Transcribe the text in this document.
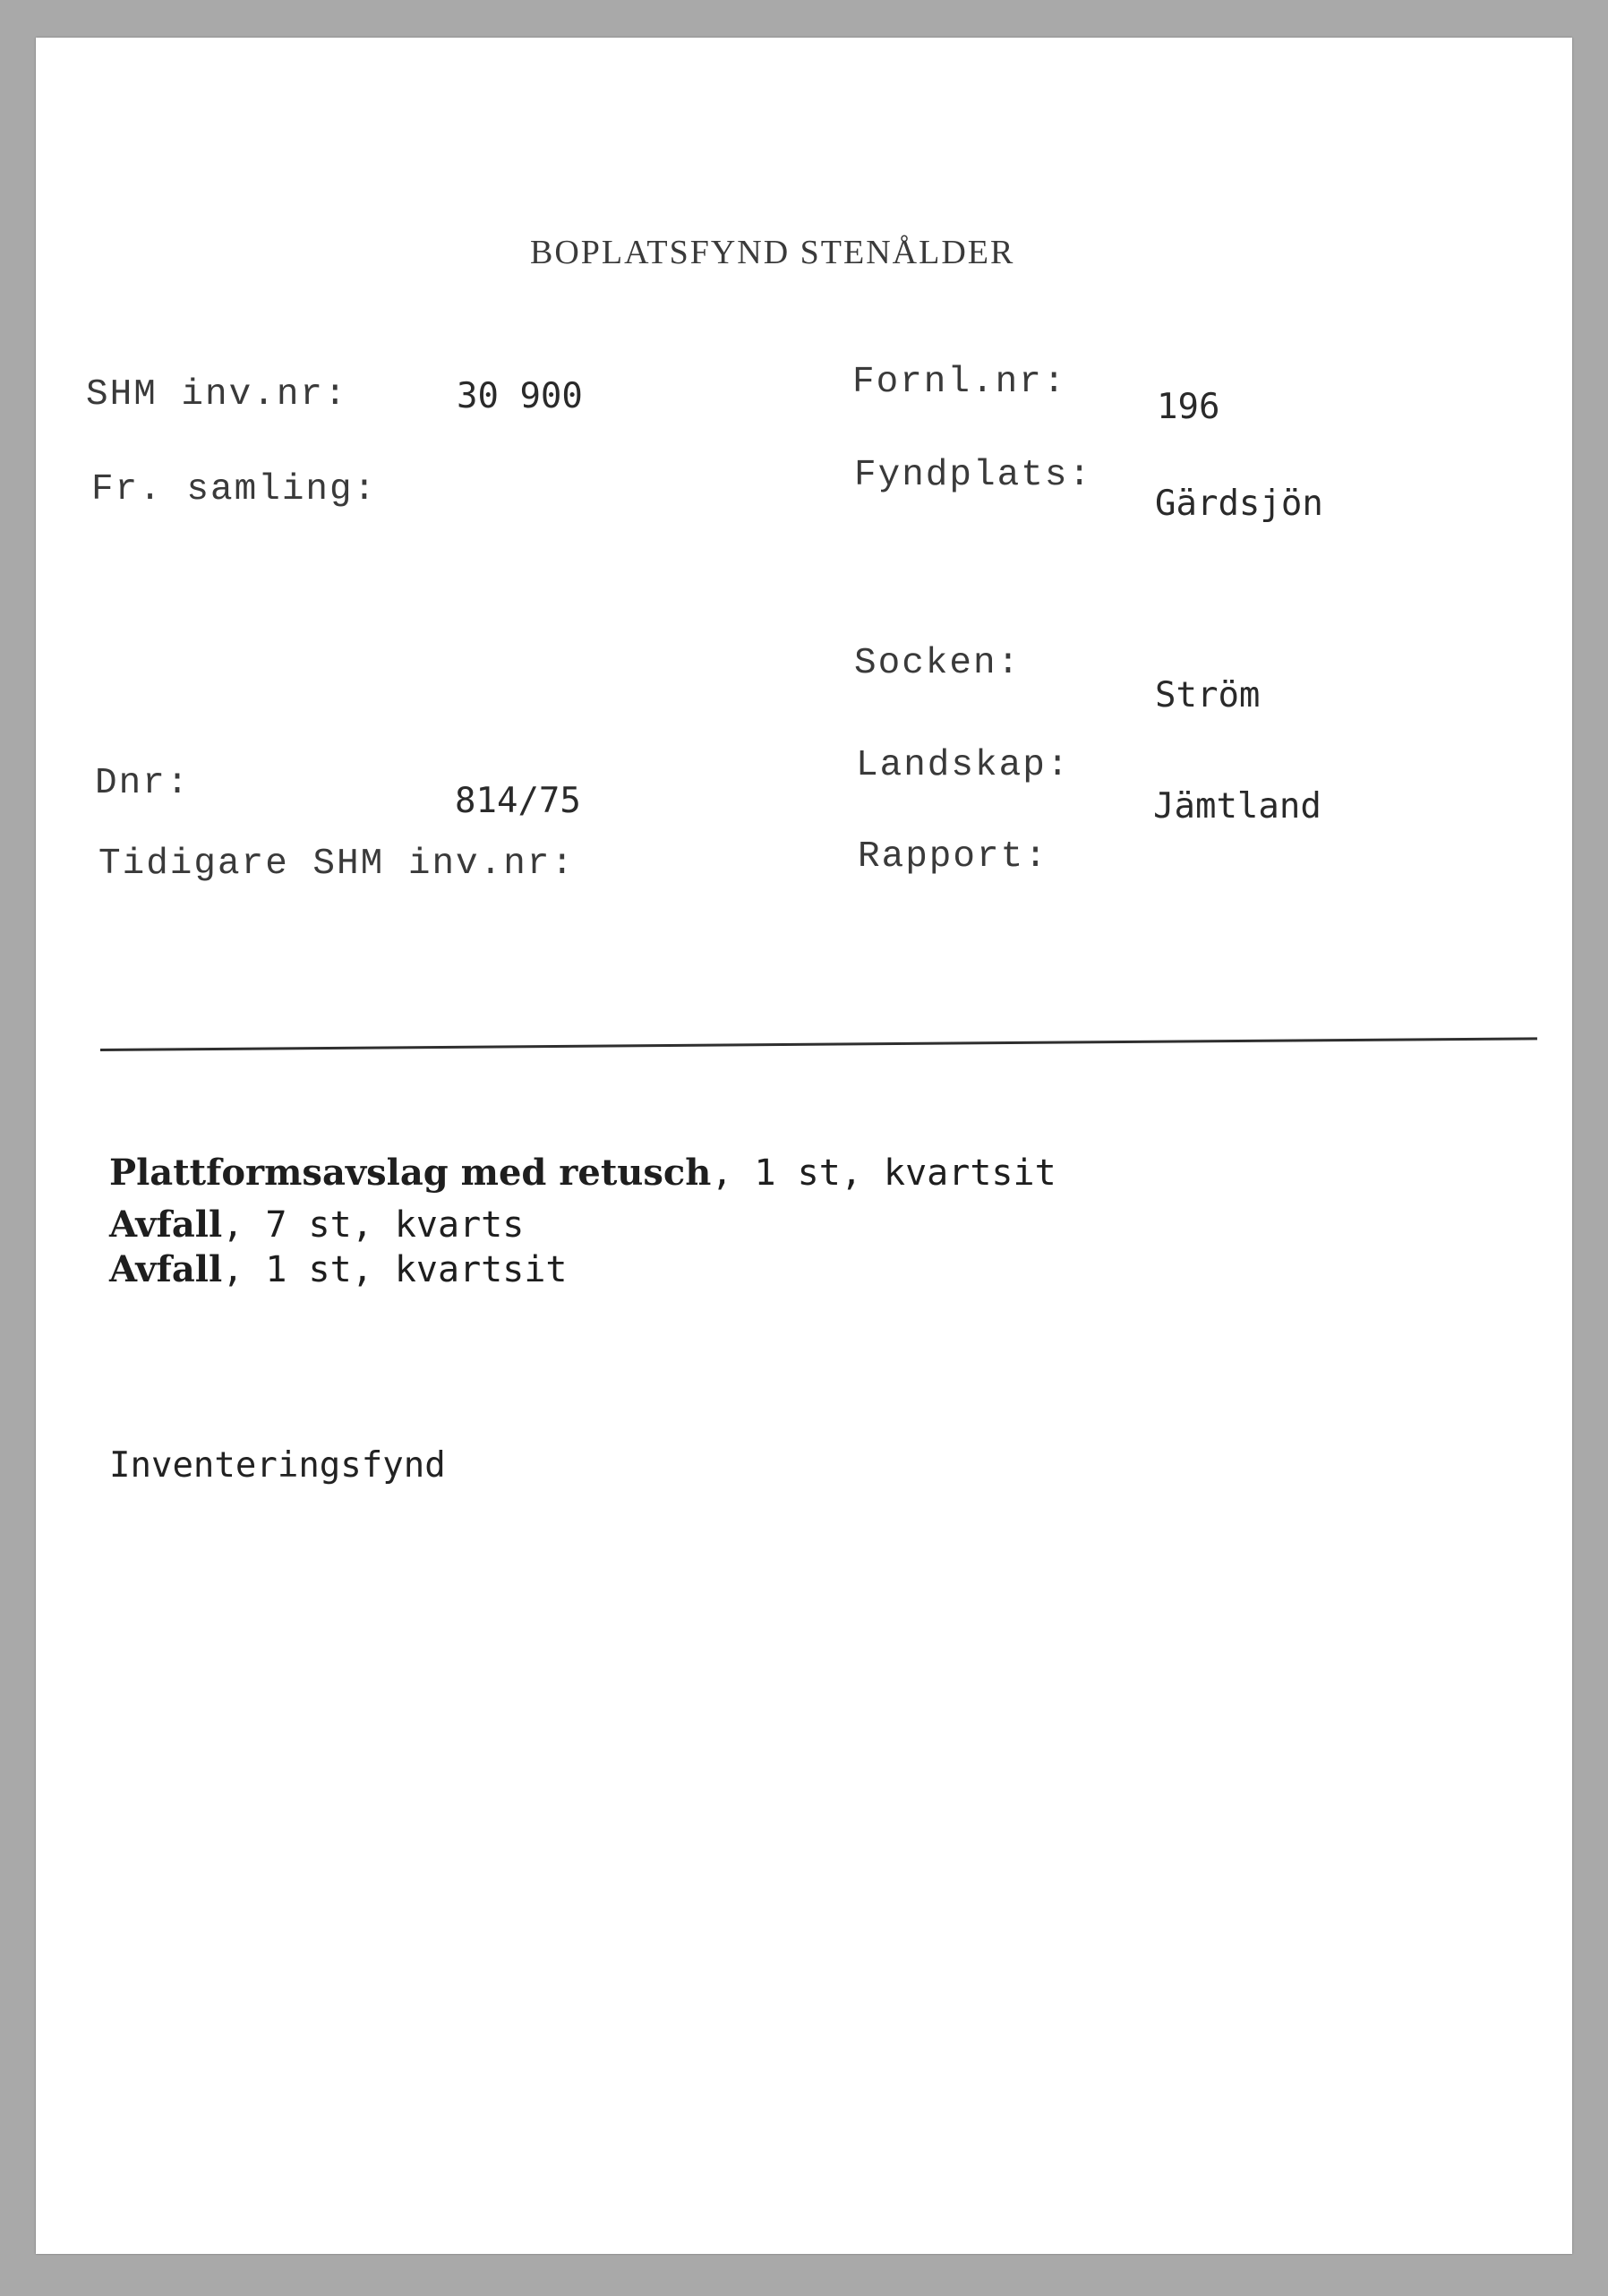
BOPLATSFYND STENÅLDER
SHM inv.nr:	30 900
Fr. samling:
Dnr:	814/75
Tidigare SHM inv.nr:
Fornl.nr:
196
Fyndplats:
Gärdsjön
Socken:
Ström
Landskap:
Jämtland
Rapport:
Plattformsavslag med retusch, 1 st, kvartsit
Avfall, 7 st, kvarts
Avfall, 1 st, kvartsit
Inventeringsfynd
